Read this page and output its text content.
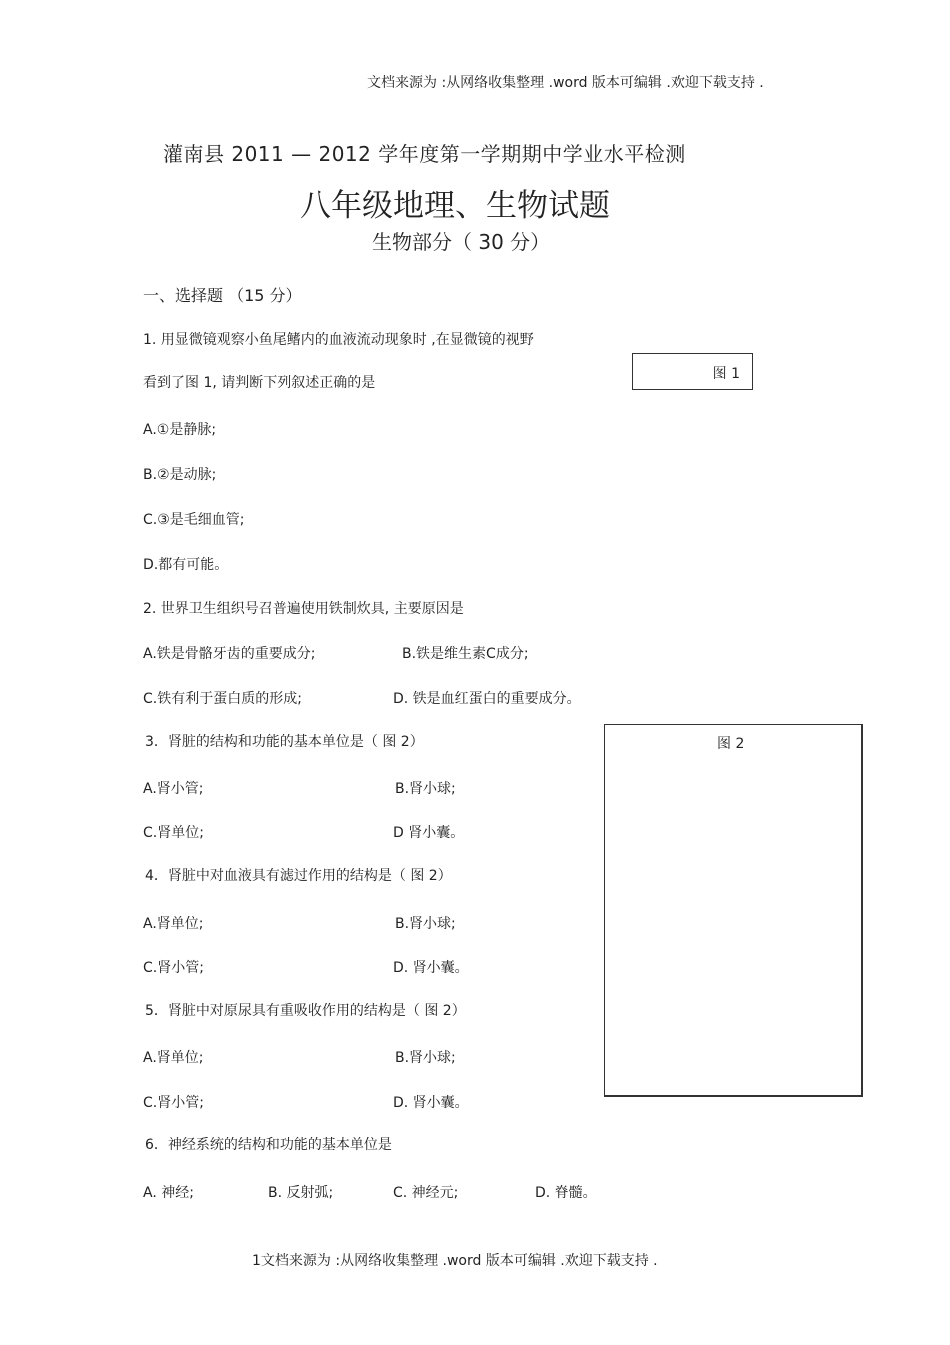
文档来源为 :从网络收集整理 .word 版本可编辑 .欢迎下载支持 .
灌南县 2011 — 2012 学年度第一学期期中学业水平检测
八年级地理、生物试题
生物部分（ 30 分）
一、选择题 （15 分）
1. 用显微镜观察小鱼尾鳍内的血液流动现象时 ,在显微镜的视野
看到了图 1, 请判断下列叙述正确的是
A.①是静脉;
B.②是动脉;
C.③是毛细血管;
D.都有可能。
图 1
2. 世界卫生组织号召普遍使用铁制炊具, 主要原因是
A.铁是骨骼牙齿的重要成分;	B.铁是维生素C成分;
C.铁有利于蛋白质的形成;	D. 铁是血红蛋白的重要成分。
3．肾脏的结构和功能的基本单位是（ 图 2）
A.肾小管;	B.肾小球;
C.肾单位;	D 肾小囊。
4．肾脏中对血液具有滤过作用的结构是（ 图 2）
A.肾单位;	B.肾小球;
C.肾小管;	D. 肾小囊。
5．肾脏中对原尿具有重吸收作用的结构是（ 图 2）
A.肾单位;	B.肾小球;
C.肾小管;	D. 肾小囊。
图 2
6．神经系统的结构和功能的基本单位是
A. 神经;	B. 反射弧;	C. 神经元;	D. 脊髓。
1文档来源为 :从网络收集整理 .word 版本可编辑 .欢迎下载支持 .
